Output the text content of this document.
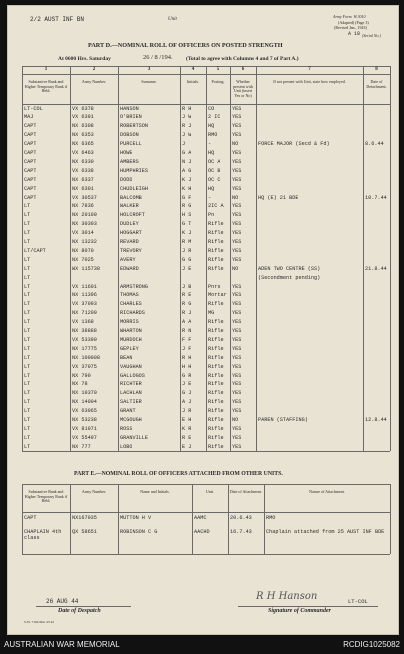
2/2 AUST INF BN	Unit
Army Form. W.3010
(Adapted) (Page 3)
(Revised Jan., 1943)
A 18 (Serial No.)
PART D.—NOMINAL ROLL OF OFFICERS ON POSTED STRENGTH
At 0600 Hrs. Saturday	26 / 8 /194. (Total to agree with Columns 4 and 7 of Part A.)
1	2	3	4	5	6	7	8
Substantive Rank and Higher Temporary Rank if Held.
Army Number.	Surname.	Initials.	Posting.	Whether present with Unit (insert Yes or No)
If not present with Unit, state how employed.	Date of Detachment.
LT-COL	VX 6378	HANSON	R H	CO	YES
MAJ	VX 6391	O'BRIEN	J W	2 IC YES
CAPT	NX 6308	ROBERTSON	R J	HQ	YES
CAPT	NX 6353	DOBSON	J W	RMO	YES
CAPT	NX 6365	PURCELL	J	-	NO	FORCE MAJOR (Secd & Fd)	8.6.44
CAPT	VX 6463	HOWE	G A	HQ	YES
CAPT	NX 6330	AMBERS	N J	OC A YES
CAPT	VX 6338	HUMPHRIES	A G	OC B YES
CAPT	NX 6337	DODD	K J	OC C YES
CAPT	NX 6301	CHUDLEIGH	K H	HQ	YES
CAPT	VX 30537	BALCOMB	G F	-	NO	HQ (E) 21 BDE	10.7.44
LT	NX 7836	WALKER	R G	2IC A YES
LT	NX 20100	HOLCROFT	H S	Pn	YES
LT	NX 30303	DUDLEY	G T	Rifle YES
LT	VX 3014	HOGGART	K J	Rifle YES
LT	NX 13232	REVARD	R M	Rifle YES
LT/CAPT	NX 8070	TREVORY	J R	Rifle YES
LT	NX 7025	AVERY	G G	Rifle YES
LT	WX 115738	EDWARD	J E	Rifle NO	ADEN TWO CENTRE (SS)	21.8.44
LT	(Secondment pending)
LT	VX 11601	ARMSTRONG	J B	Pnrs YES
LT	NX 11396	THOMAS	R E	Mortar YES
LT	VX 37093	CHARLES	R G	Rifle YES
LT	NX 71209	RICHARDS	R J	MG	YES
LT	VX 1368	MORRIS	A A	Rifle YES
LT	NX 38888	WHARTON	R N	Rifle YES
LT	VX 53390	MURDOCH	F F	Rifle YES
LT	NX 17775	GEPLEY	J F	Rifle YES
LT	NX 100008	BEAN	R H	Rifle YES
LT	VX 37075	VAUGHAN	H H	Rifle YES
LT	NX 790	GALLOGOS	G R	Rifle YES
LT	NX 78	RICHTER	J E	Rifle YES
LT	NX 10370	LACHLAN	G J	Rifle YES
LT	NX 14004	SALTIER	A J	Rifle YES
LT	VX 63065	GRANT	J R	Rifle YES
LT	NX 53238	MCGOUGH	E H	Rifle NO	PAREN (STAFFING)	12.8.44
LT	VX 81071	ROSS	K R	Rifle YES
LT	VX 55497	GRANVILLE	R E	Rifle YES
LT	NX 777	LOBO	E J	Rifle YES
PART E.—NOMINAL ROLL OF OFFICERS ATTACHED FROM OTHER UNITS.
Substantive Rank and Higher Temporary Rank if Held.
Army Number.	Name and Initials.	Unit.	Date of Attachment.	Nature of Attachment.
CAPT	NX167035	MUTTON H V	AAMC	20.6.43	RMO
CHAPLAIN 4th class
QX 58651	ROBINSON C G	AACHD	16.7.43	Chaplain attached from 25 AUST INF BDE
26 AUG 44
Date of Despatch
R H Hanson	LT-COL
Signature of Commander
S.W. 7194 Mar 43 42
AUSTRALIAN WAR MEMORIAL	RCDIG1025082
